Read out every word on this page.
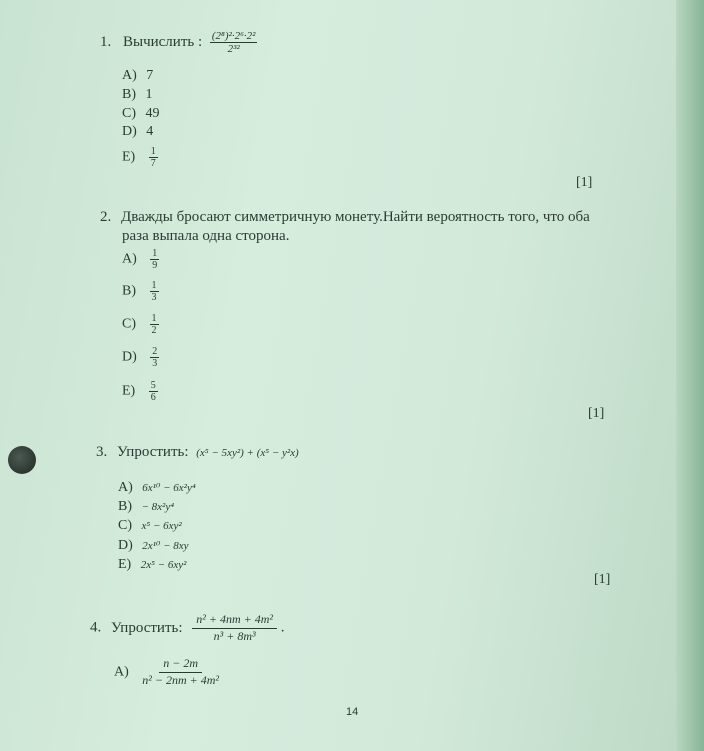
1. Вычислить : $\frac{\text{(2⁸)²·2⁶·2²}}{\text{2³²}}$
A) 7
B) 1
C) 49
D) 4
$E) \frac{1}{7}$
[1]
2. Дважды бросают симметричную монету.Найти вероятность того, что оба
раза выпала одна сторона.
$A) \frac{1}{9}$
$B) \frac{1}{3}$
$C) \frac{1}{2}$
$D) \frac{2}{3}$
$E) \frac{5}{6}$
[1]
3. Упростить: (x⁵ − 5xy²) + (x⁵ − y²x)
A) 6x¹⁰ − 6x²y⁴
B) − 8x²y⁴
C) x⁵ − 6xy²
D) 2x¹⁰ − 8xy
E) 2x⁵ − 6xy²
[1]
4. Упростить: $\frac{\text{n² + 4nm + 4m²}}{\text{n³ + 8m³}}$ .
$A) \frac{n - 2m}{\text{n² − 2nm + 4m²}}$
14
